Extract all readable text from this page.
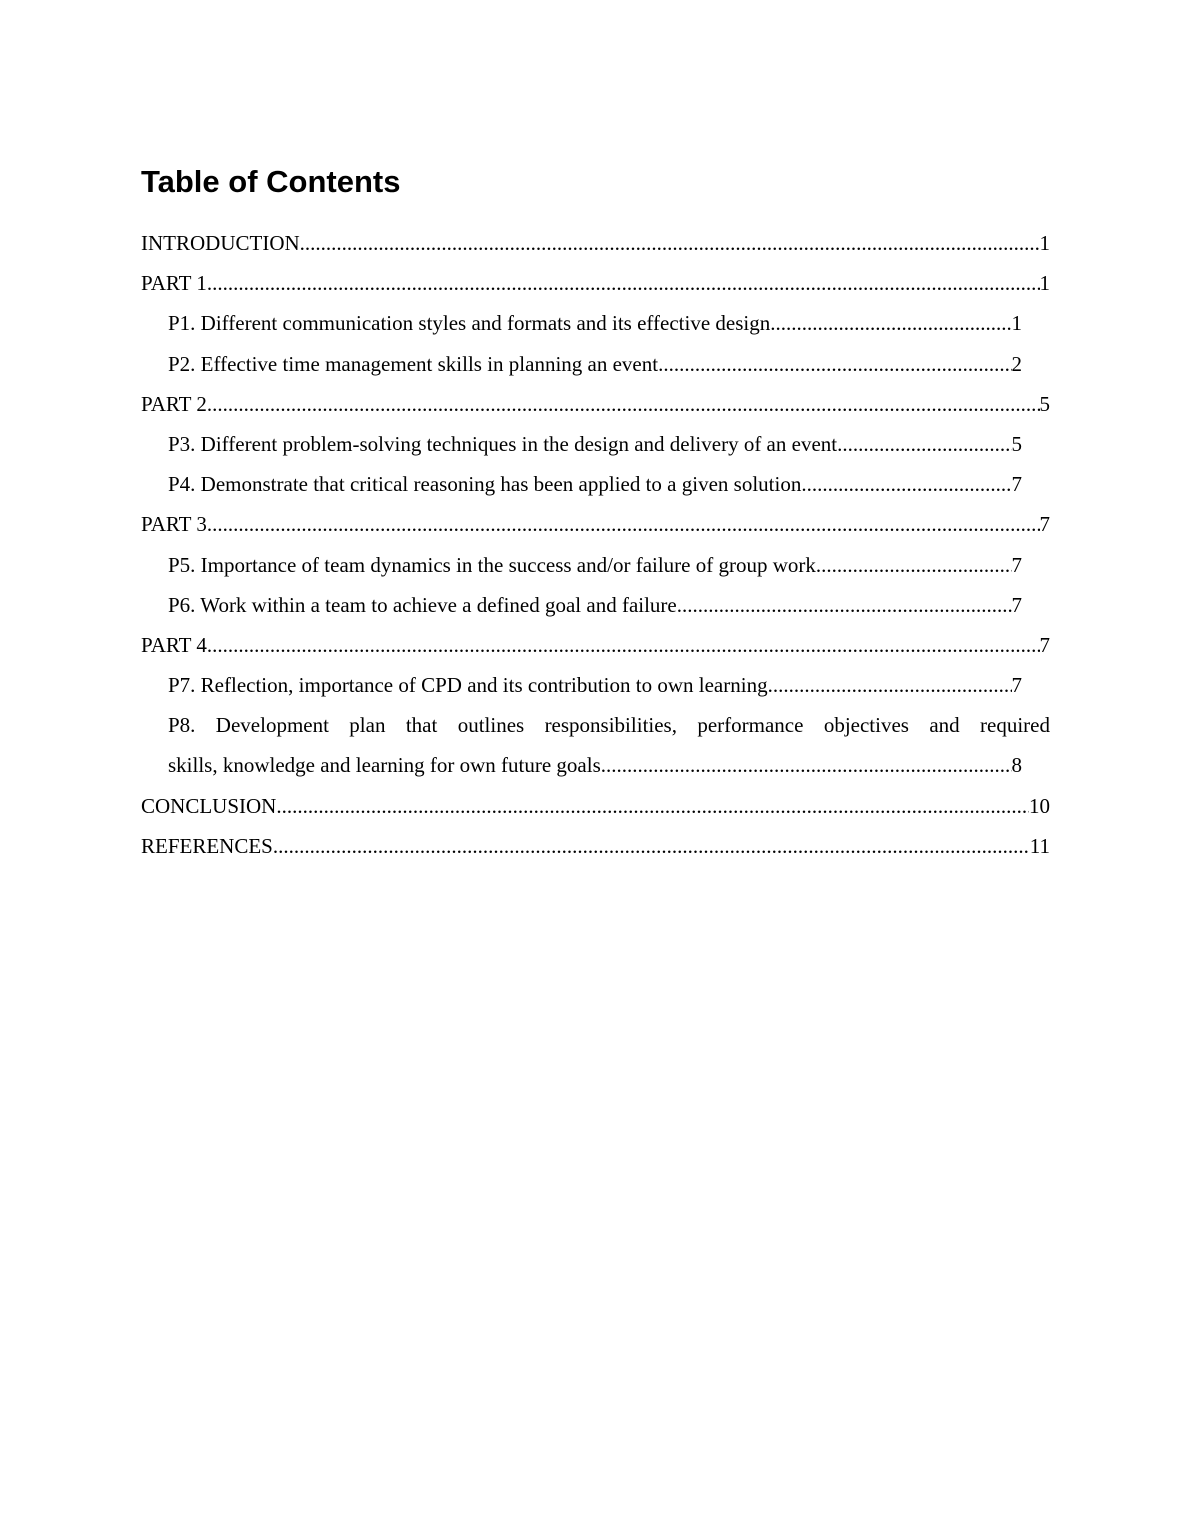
Table of Contents
INTRODUCTION .....	1
PART 1 .....	1
P1. Different communication styles and formats and its effective design .....	1
P2. Effective time management skills in planning an event .....	2
PART 2 .....	5
P3. Different problem-solving techniques in the design and delivery of an event .....	5
P4. Demonstrate that critical reasoning has been applied to a given solution .....	7
PART 3 .....	7
P5. Importance of team dynamics in the success and/or failure of group work .....	7
P6. Work within a team to achieve a defined goal and failure .....	7
PART 4 .....	7
P7. Reflection, importance of CPD and its contribution to own learning .....	7
P8. Development plan that outlines responsibilities, performance objectives and required
skills, knowledge and learning for own future goals .....	8
CONCLUSION .....	10
REFERENCES .....	11
